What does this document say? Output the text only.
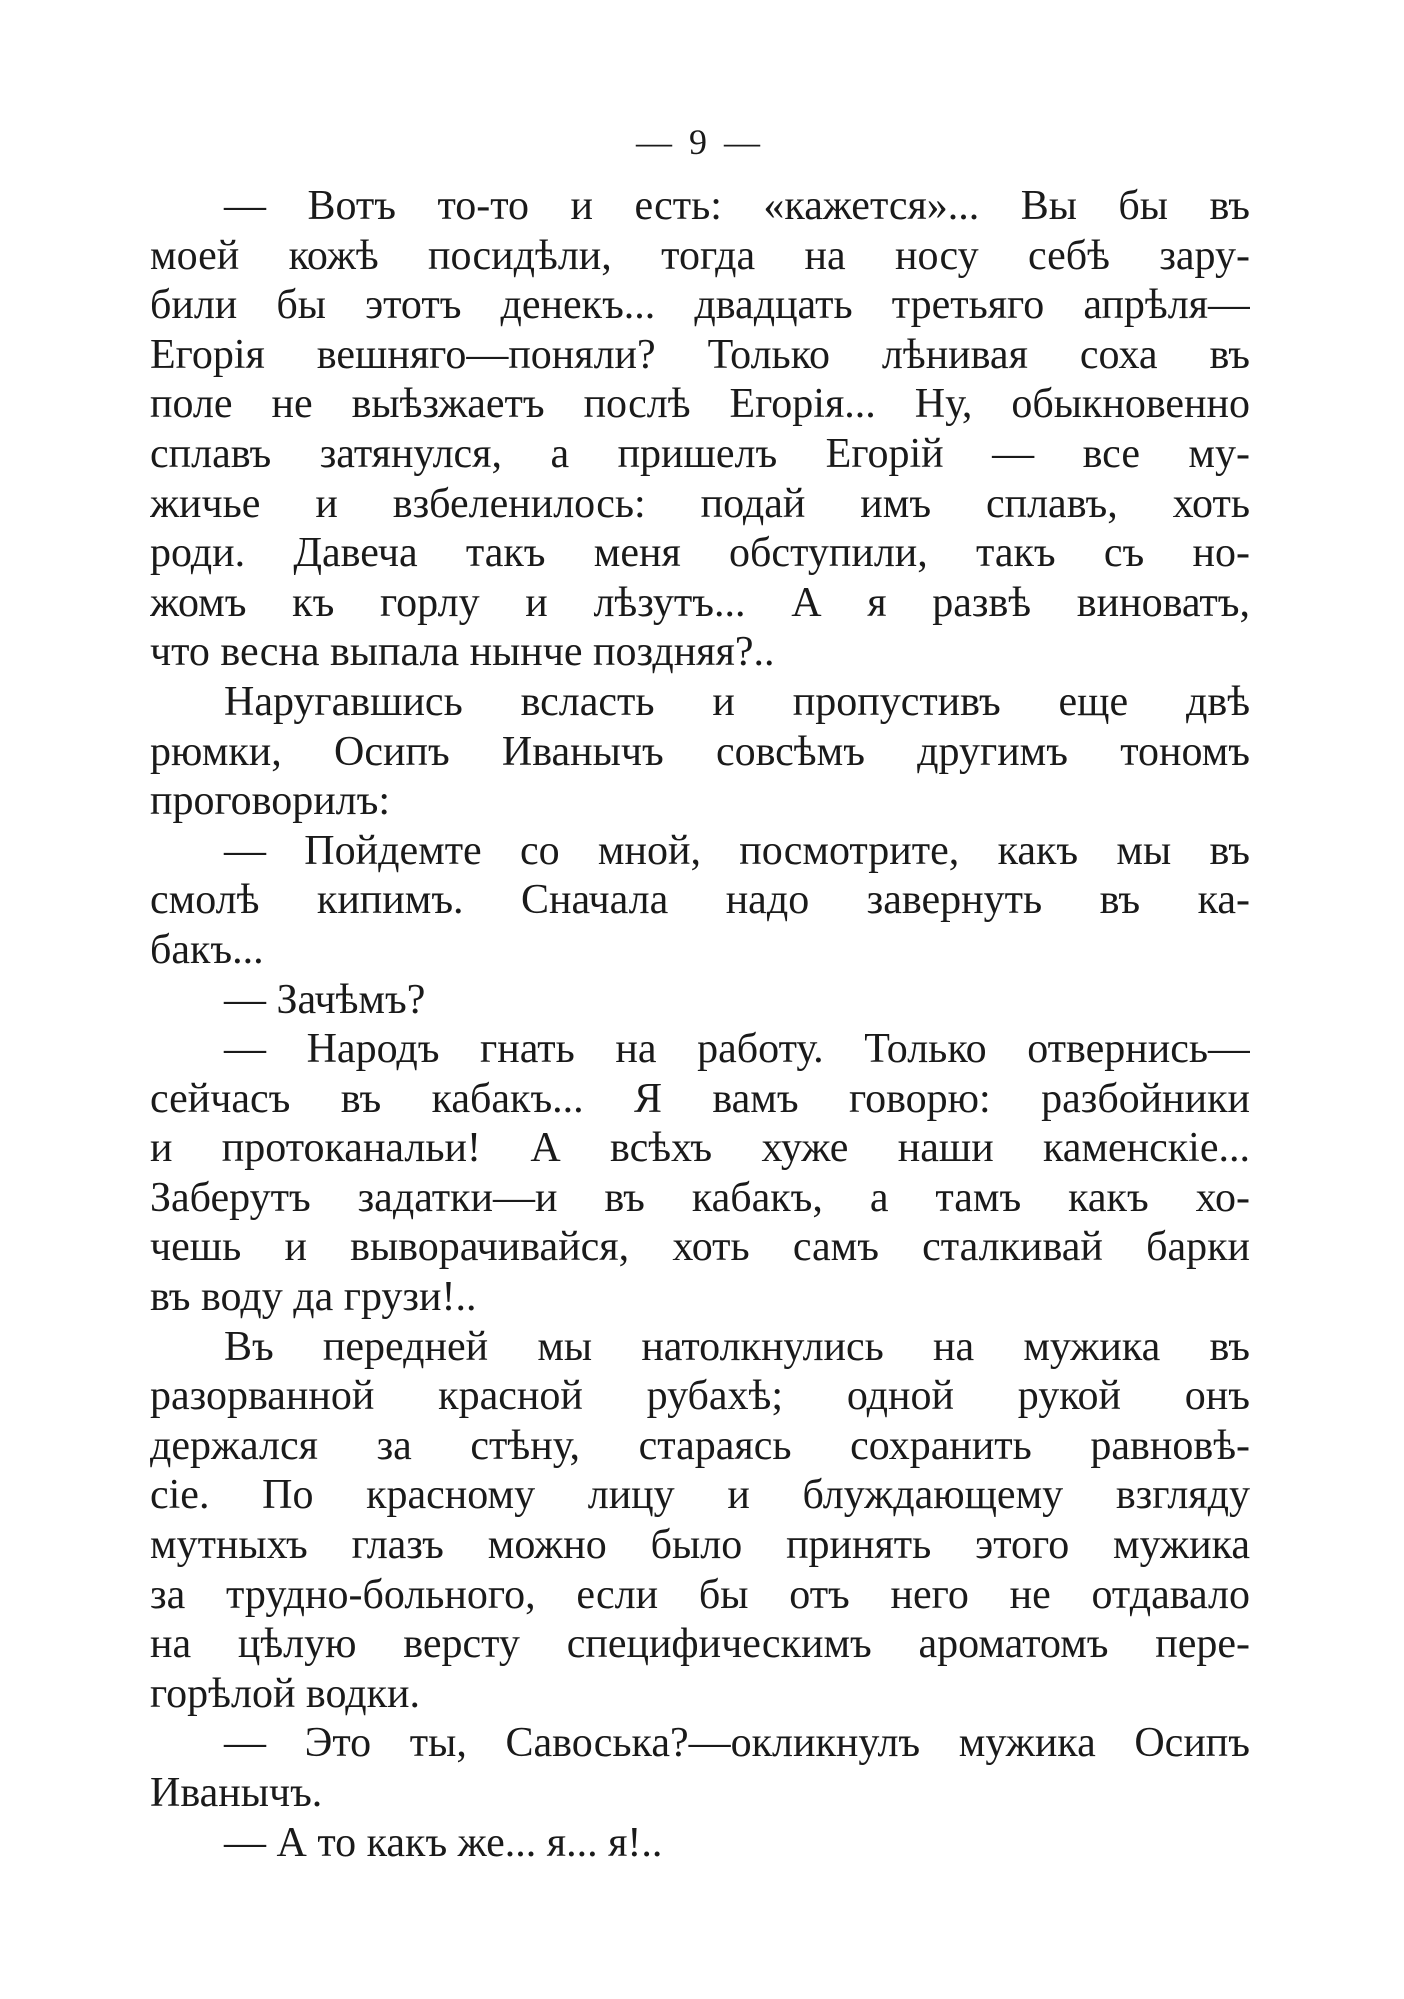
— 9 —
— Вотъ то-то и есть: «кажется»... Вы бы въ
моей кожѣ посидѣли, тогда на носу себѣ зару-
били бы этотъ денекъ... двадцать третьяго апрѣля—
Егорія вешняго—поняли? Только лѣнивая соха въ
поле не выѣзжаетъ послѣ Егорія... Ну, обыкновенно
сплавъ затянулся, а пришелъ Егорій — все му-
жичье и взбеленилось: подай имъ сплавъ, хоть
роди. Давеча такъ меня обступили, такъ съ но-
жомъ къ горлу и лѣзутъ... А я развѣ виноватъ,
что весна выпала нынче поздняя?..
Наругавшись всласть и пропустивъ еще двѣ
рюмки, Осипъ Иванычъ совсѣмъ другимъ тономъ
проговорилъ:
— Пойдемте со мной, посмотрите, какъ мы въ
смолѣ кипимъ. Сначала надо завернуть въ ка-
бакъ...
— Зачѣмъ?
— Народъ гнать на работу. Только отвернись—
сейчасъ въ кабакъ... Я вамъ говорю: разбойники
и протоканальи! А всѣхъ хуже наши каменскіе...
Заберутъ задатки—и въ кабакъ, а тамъ какъ хо-
чешь и выворачивайся, хоть самъ сталкивай барки
въ воду да грузи!..
Въ передней мы натолкнулись на мужика въ
разорванной красной рубахѣ; одной рукой онъ
держался за стѣну, стараясь сохранить равновѣ-
сіе. По красному лицу и блуждающему взгляду
мутныхъ глазъ можно было принять этого мужика
за трудно-больного, если бы отъ него не отдавало
на цѣлую версту специфическимъ ароматомъ пере-
горѣлой водки.
— Это ты, Савоська?—окликнулъ мужика Осипъ
Иванычъ.
— А то какъ же... я... я!..
